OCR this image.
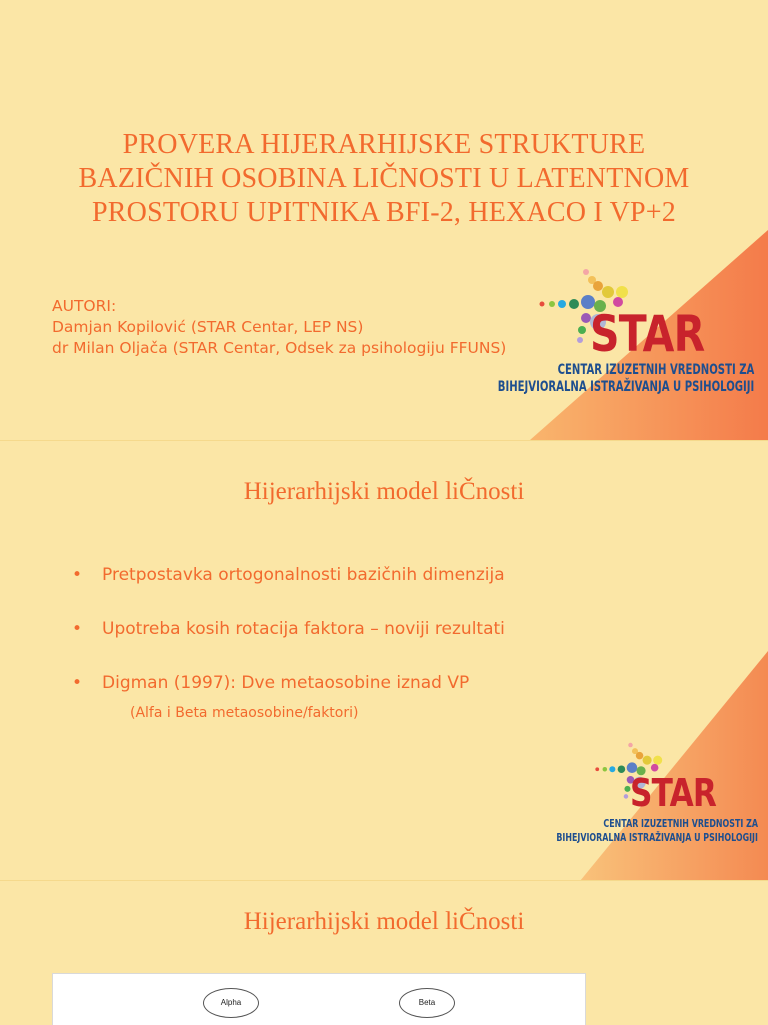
PROVERA HIJERARHIJSKE STRUKTURE
BAZIČNIH OSOBINA LIČNOSTI U LATENTNOM
PROSTORU UPITNIKA BFI-2, HEXACO I VP+2
AUTORI:
Damjan Kopilović (STAR Centar, LEP NS)
dr Milan Oljača (STAR Centar, Odsek za psihologiju FFUNS) STAR
CENTAR IZUZETNIH VREDNOSTI ZA
BIHEJVIORALNA ISTRAŽIVANJA U PSIHOLOGIJI
Hijerarhijski model liČnosti
• Pretpostavka ortogonalnosti bazičnih dimenzija
• Upotreba kosih rotacija faktora – noviji rezultati
• Digman (1997): Dve metaosobine iznad VP
(Alfa i Beta metaosobine/faktori)
STAR
CENTAR IZUZETNIH VREDNOSTI ZA
BIHEJVIORALNA ISTRAŽIVANJA U PSIHOLOGIJI
Hijerarhijski model liČnosti
Alpha	Beta
